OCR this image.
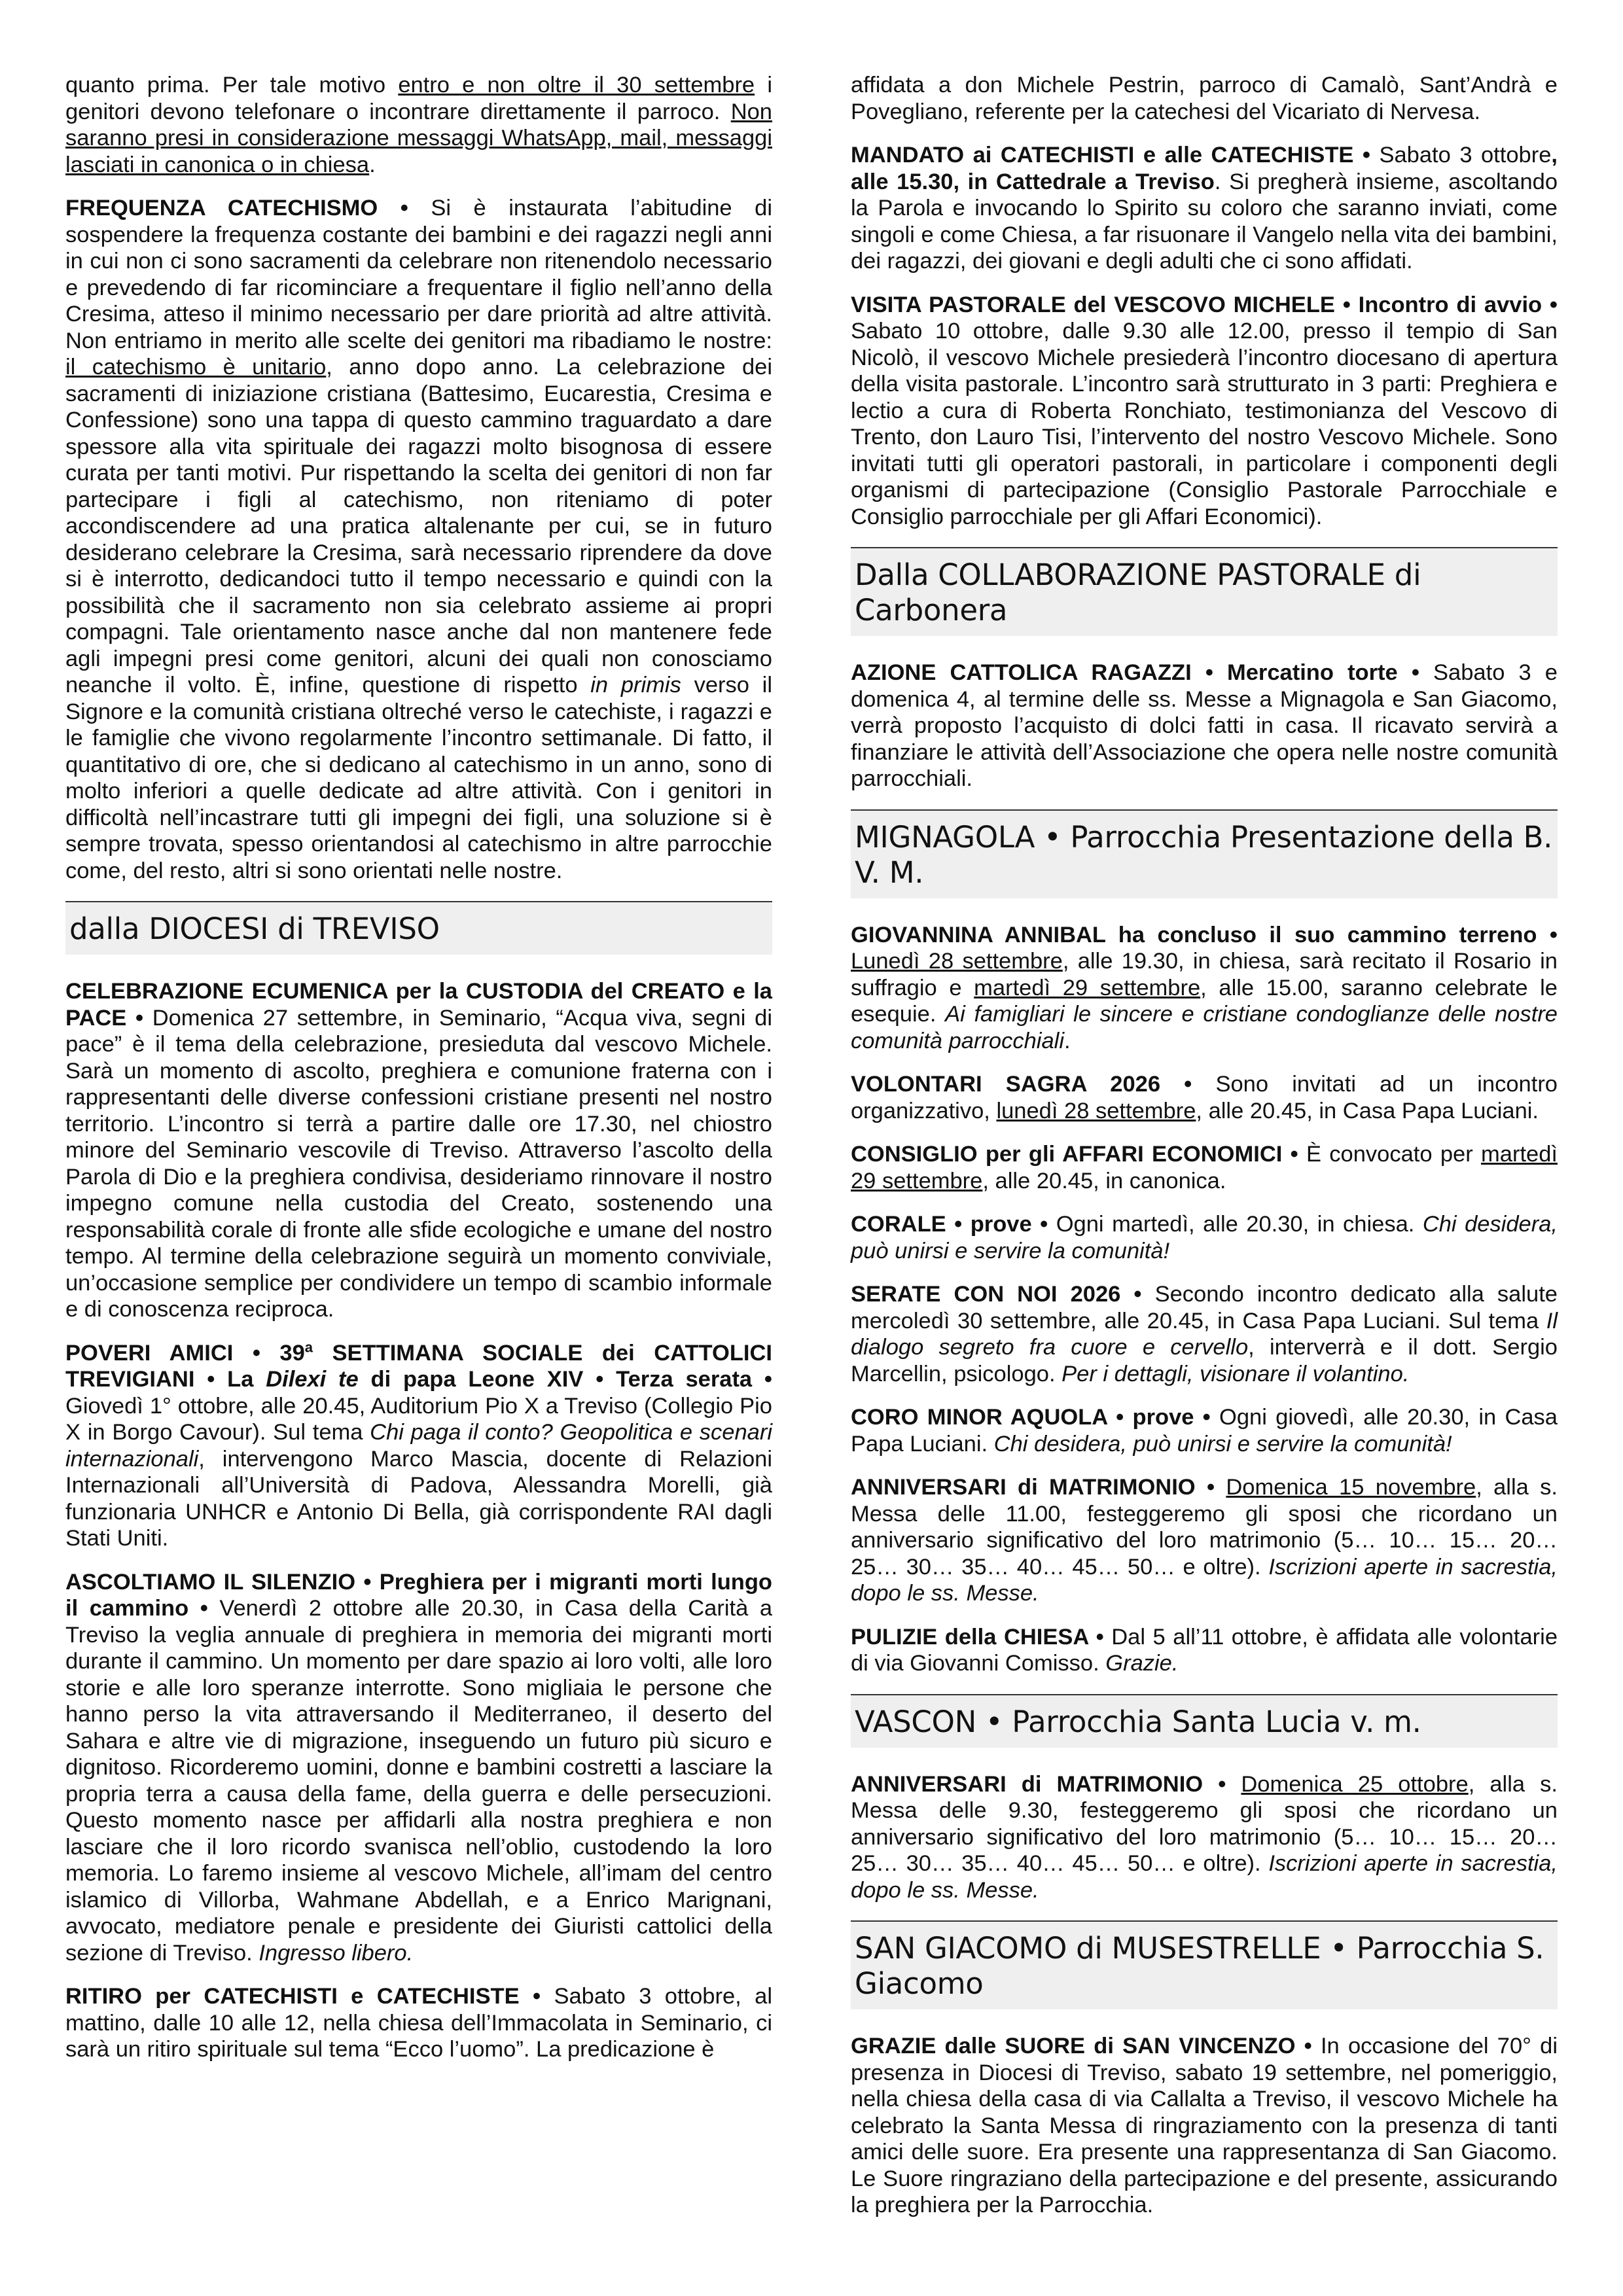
quanto prima. Per tale motivo entro e non oltre il 30 settembre i genitori devono telefonare o incontrare direttamente il parroco. Non saranno presi in considerazione messaggi WhatsApp, mail, messaggi lasciati in canonica o in chiesa.

FREQUENZA CATECHISMO • Si è instaurata l’abitudine di sospendere la frequenza costante dei bambini e dei ragazzi negli anni in cui non ci sono sacramenti da celebrare non ritenendolo necessario e prevedendo di far ricominciare a frequentare il figlio nell’anno della Cresima, atteso il minimo necessario per dare priorità ad altre attività. Non entriamo in merito alle scelte dei genitori ma ribadiamo le nostre: il catechismo è unitario, anno dopo anno. La celebrazione dei sacramenti di iniziazione cristiana (Battesimo, Eucarestia, Cresima e Confessione) sono una tappa di questo cammino traguardato a dare spessore alla vita spirituale dei ragazzi molto bisognosa di essere curata per tanti motivi. Pur rispettando la scelta dei genitori di non far partecipare i figli al catechismo, non riteniamo di poter accondiscendere ad una pratica altalenante per cui, se in futuro desiderano celebrare la Cresima, sarà necessario riprendere da dove si è interrotto, dedicandoci tutto il tempo necessario e quindi con la possibilità che il sacramento non sia celebrato assieme ai propri compagni. Tale orientamento nasce anche dal non mantenere fede agli impegni presi come genitori, alcuni dei quali non conosciamo neanche il volto. È, infine, questione di rispetto in primis verso il Signore e la comunità cristiana oltreché verso le catechiste, i ragazzi e le famiglie che vivono regolarmente l’incontro settimanale. Di fatto, il quantitativo di ore, che si dedicano al catechismo in un anno, sono di molto inferiori a quelle dedicate ad altre attività. Con i genitori in difficoltà nell’incastrare tutti gli impegni dei figli, una soluzione si è sempre trovata, spesso orientandosi al catechismo in altre parrocchie come, del resto, altri si sono orientati nelle nostre.

dalla DIOCESI di TREVISO

CELEBRAZIONE ECUMENICA per la CUSTODIA del CREATO e la PACE • Domenica 27 settembre, in Seminario, “Acqua viva, segni di pace” è il tema della celebrazione, presieduta dal vescovo Michele. Sarà un momento di ascolto, preghiera e comunione fraterna con i rappresentanti delle diverse confessioni cristiane presenti nel nostro territorio. L’incontro si terrà a partire dalle ore 17.30, nel chiostro minore del Seminario vescovile di Treviso. Attraverso l’ascolto della Parola di Dio e la preghiera condivisa, desideriamo rinnovare il nostro impegno comune nella custodia del Creato, sostenendo una responsabilità corale di fronte alle sfide ecologiche e umane del nostro tempo. Al termine della celebrazione seguirà un momento conviviale, un’occasione semplice per condividere un tempo di scambio informale e di conoscenza reciproca.

POVERI AMICI • 39$^a$ SETTIMANA SOCIALE dei CATTOLICI TREVIGIANI • La Dilexi te di papa Leone XIV • Terza serata • Giovedì 1° ottobre, alle 20.45, Auditorium Pio X a Treviso (Collegio Pio X in Borgo Cavour). Sul tema Chi paga il conto? Geopolitica e scenari internazionali, intervengono Marco Mascia, docente di Relazioni Internazionali all’Università di Padova, Alessandra Morelli, già funzionaria UNHCR e Antonio Di Bella, già corrispondente RAI dagli Stati Uniti.

ASCOLTIAMO IL SILENZIO • Preghiera per i migranti morti lungo il cammino • Venerdì 2 ottobre alle 20.30, in Casa della Carità a Treviso la veglia annuale di preghiera in memoria dei migranti morti durante il cammino. Un momento per dare spazio ai loro volti, alle loro storie e alle loro speranze interrotte. Sono migliaia le persone che hanno perso la vita attraversando il Mediterraneo, il deserto del Sahara e altre vie di migrazione, inseguendo un futuro più sicuro e dignitoso. Ricorderemo uomini, donne e bambini costretti a lasciare la propria terra a causa della fame, della guerra e delle persecuzioni. Questo momento nasce per affidarli alla nostra preghiera e non lasciare che il loro ricordo svanisca nell’oblio, custodendo la loro memoria. Lo faremo insieme al vescovo Michele, all’imam del centro islamico di Villorba, Wahmane Abdellah, e a Enrico Marignani, avvocato, mediatore penale e presidente dei Giuristi cattolici della sezione di Treviso. Ingresso libero.

RITIRO per CATECHISTI e CATECHISTE • Sabato 3 ottobre, al mattino, dalle 10 alle 12, nella chiesa dell’Immacolata in Seminario, ci sarà un ritiro spirituale sul tema “Ecco l’uomo”. La predicazione è

affidata a don Michele Pestrin, parroco di Camalò, Sant’Andrà e Povegliano, referente per la catechesi del Vicariato di Nervesa.

MANDATO ai CATECHISTI e alle CATECHISTE • Sabato 3 ottobre, alle 15.30, in Cattedrale a Treviso. Si pregherà insieme, ascoltando la Parola e invocando lo Spirito su coloro che saranno inviati, come singoli e come Chiesa, a far risuonare il Vangelo nella vita dei bambini, dei ragazzi, dei giovani e degli adulti che ci sono affidati.

VISITA PASTORALE del VESCOVO MICHELE • Incontro di avvio • Sabato 10 ottobre, dalle 9.30 alle 12.00, presso il tempio di San Nicolò, il vescovo Michele presiederà l’incontro diocesano di apertura della visita pastorale. L’incontro sarà strutturato in 3 parti: Preghiera e lectio a cura di Roberta Ronchiato, testimonianza del Vescovo di Trento, don Lauro Tisi, l’intervento del nostro Vescovo Michele. Sono invitati tutti gli operatori pastorali, in particolare i componenti degli organismi di partecipazione (Consiglio Pastorale Parrocchiale e Consiglio parrocchiale per gli Affari Economici).

Dalla COLLABORAZIONE PASTORALE di Carbonera

AZIONE CATTOLICA RAGAZZI • Mercatino torte • Sabato 3 e domenica 4, al termine delle ss. Messe a Mignagola e San Giacomo, verrà proposto l’acquisto di dolci fatti in casa. Il ricavato servirà a finanziare le attività dell’Associazione che opera nelle nostre comunità parrocchiali.

MIGNAGOLA • Parrocchia Presentazione della B. V. M.

GIOVANNINA ANNIBAL ha concluso il suo cammino terreno • Lunedì 28 settembre, alle 19.30, in chiesa, sarà recitato il Rosario in suffragio e martedì 29 settembre, alle 15.00, saranno celebrate le esequie. Ai famigliari le sincere e cristiane condoglianze delle nostre comunità parrocchiali.

VOLONTARI SAGRA 2026 • Sono invitati ad un incontro organizzativo, lunedì 28 settembre, alle 20.45, in Casa Papa Luciani.

CONSIGLIO per gli AFFARI ECONOMICI • È convocato per martedì 29 settembre, alle 20.45, in canonica.

CORALE • prove • Ogni martedì, alle 20.30, in chiesa. Chi desidera, può unirsi e servire la comunità!

SERATE CON NOI 2026 • Secondo incontro dedicato alla salute mercoledì 30 settembre, alle 20.45, in Casa Papa Luciani. Sul tema Il dialogo segreto fra cuore e cervello, interverrà e il dott. Sergio Marcellin, psicologo. Per i dettagli, visionare il volantino.

CORO MINOR AQUOLA • prove • Ogni giovedì, alle 20.30, in Casa Papa Luciani. Chi desidera, può unirsi e servire la comunità!

ANNIVERSARI di MATRIMONIO • Domenica 15 novembre, alla s. Messa delle 11.00, festeggeremo gli sposi che ricordano un anniversario significativo del loro matrimonio (5… 10… 15… 20… 25… 30… 35… 40… 45… 50… e oltre). Iscrizioni aperte in sacrestia, dopo le ss. Messe.

PULIZIE della CHIESA • Dal 5 all’11 ottobre, è affidata alle volontarie di via Giovanni Comisso. Grazie.

VASCON • Parrocchia Santa Lucia v. m.

ANNIVERSARI di MATRIMONIO • Domenica 25 ottobre, alla s. Messa delle 9.30, festeggeremo gli sposi che ricordano un anniversario significativo del loro matrimonio (5… 10… 15… 20… 25… 30… 35… 40… 45… 50… e oltre). Iscrizioni aperte in sacrestia, dopo le ss. Messe.

SAN GIACOMO di MUSESTRELLE • Parrocchia S. Giacomo

GRAZIE dalle SUORE di SAN VINCENZO • In occasione del 70° di presenza in Diocesi di Treviso, sabato 19 settembre, nel pomeriggio, nella chiesa della casa di via Callalta a Treviso, il vescovo Michele ha celebrato la Santa Messa di ringraziamento con la presenza di tanti amici delle suore. Era presente una rappresentanza di San Giacomo. Le Suore ringraziano della partecipazione e del presente, assicurando la preghiera per la Parrocchia.
